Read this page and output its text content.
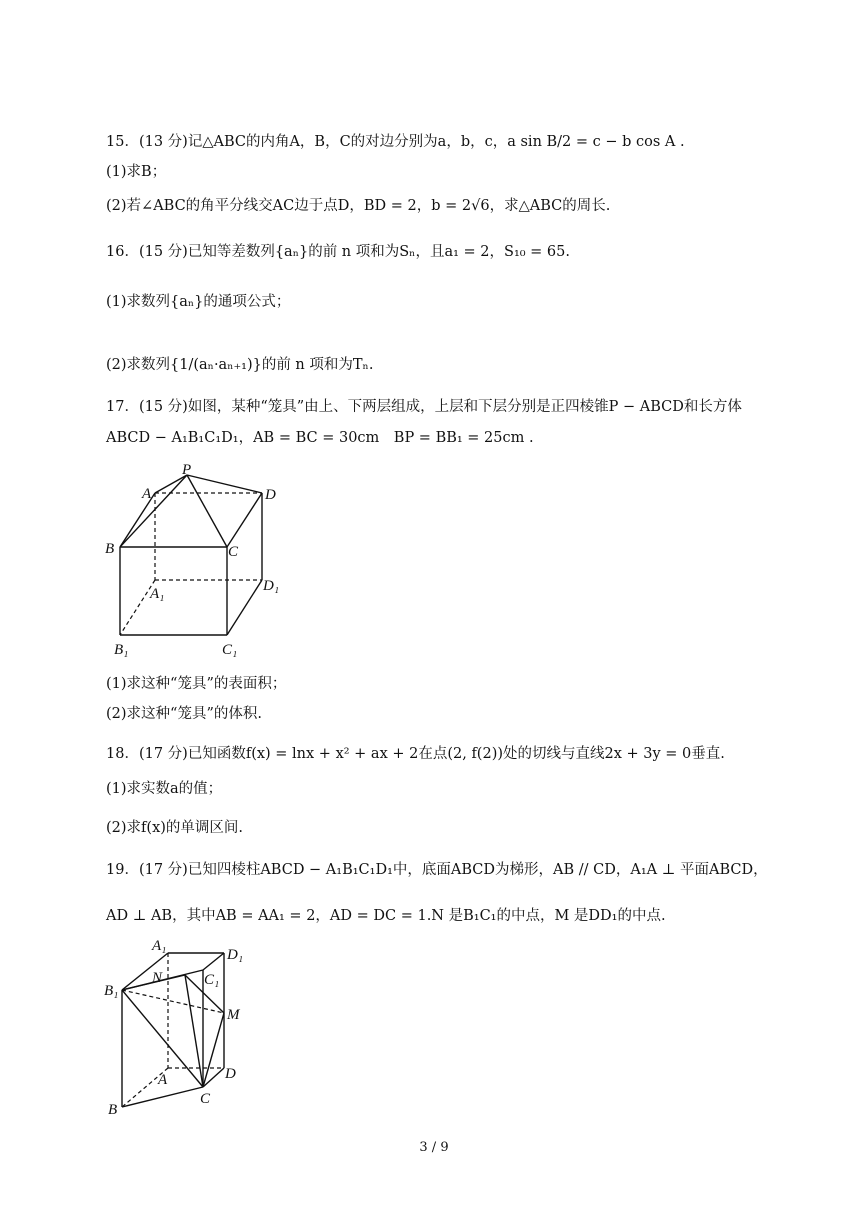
15．(13 分)记△ABC的内角A，B，C的对边分别为a，b，c，a sin B/2 = c − b cos A .
(1)求B；
(2)若∠ABC的角平分线交AC边于点D，BD = 2，b = 2√6，求△ABC的周长.
16．(15 分)已知等差数列{aₙ}的前 n 项和为Sₙ，且a₁ = 2，S₁₀ = 65.
(1)求数列{aₙ}的通项公式；
(2)求数列{1/(aₙ·aₙ₊₁)}的前 n 项和为Tₙ.
17．(15 分)如图，某种“笼具”由上、下两层组成，上层和下层分别是正四棱锥P − ABCD和长方体
ABCD − A₁B₁C₁D₁，AB = BC = 30cm　BP = BB₁ = 25cm .
P
A
B	C
D
A₁
B₁	C₁
D₁
(1)求这种“笼具”的表面积；
(2)求这种“笼具”的体积.
18．(17 分)已知函数f(x) = lnx + x² + ax + 2在点(2, f(2))处的切线与直线2x + 3y = 0垂直.
(1)求实数a的值；
(2)求f(x)的单调区间.
19．(17 分)已知四棱柱ABCD − A₁B₁C₁D₁中，底面ABCD为梯形，AB // CD，A₁A ⊥ 平面ABCD，
AD ⊥ AB，其中AB = AA₁ = 2，AD = DC = 1.N 是B₁C₁的中点，M 是DD₁的中点.
A₁
D₁
N	C₁
B₁
M
A	D
B
C
3 / 9
